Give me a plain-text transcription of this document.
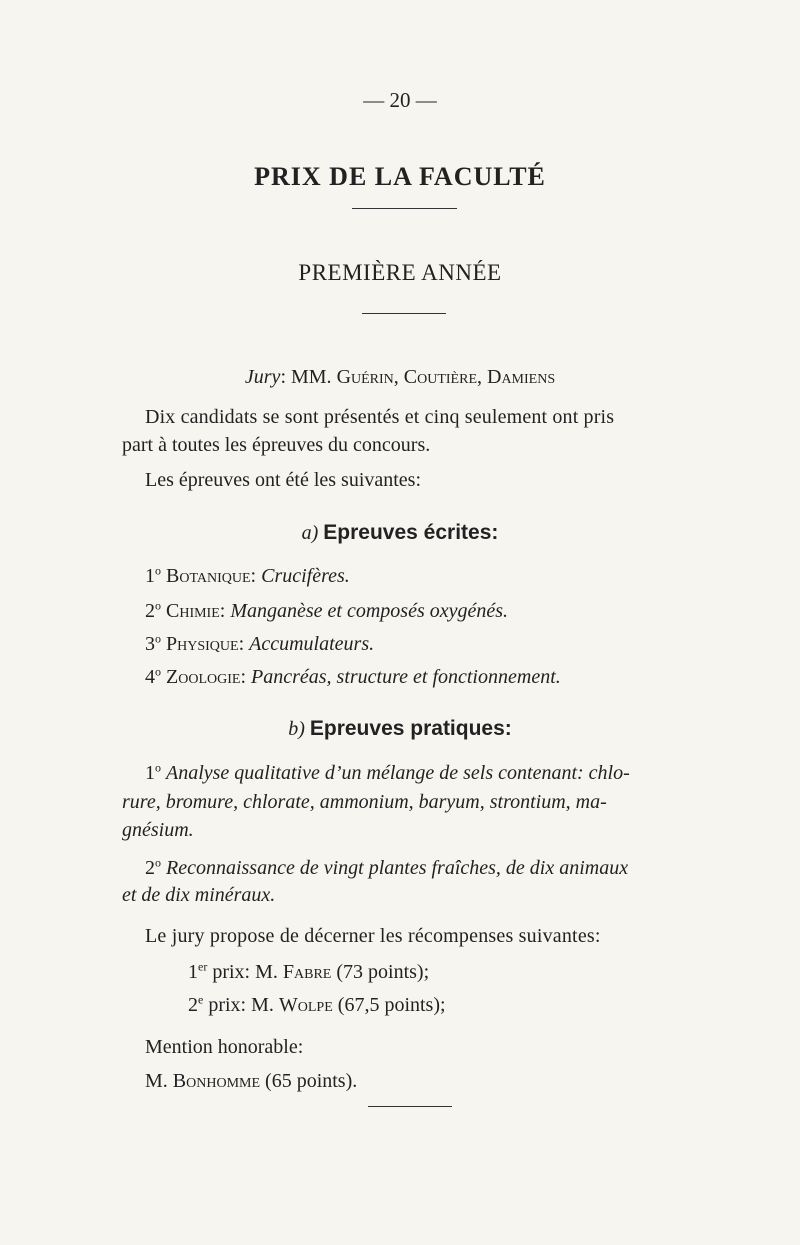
— 20 —
PRIX DE LA FACULTÉ
PREMIÈRE ANNÉE
Jury: MM. Guérin, Coutière, Damiens
Dix candidats se sont présentés et cinq seulement ont pris
part à toutes les épreuves du concours.
Les épreuves ont été les suivantes:
a) Epreuves écrites:
1$^o$ Botanique: Crucifères.
2$^o$ Chimie: Manganèse et composés oxygénés.
3$^o$ Physique: Accumulateurs.
4$^o$ Zoologie: Pancréas, structure et fonctionnement.
b) Epreuves pratiques:
1$^o$ Analyse qualitative d’un mélange de sels contenant: chlo-
rure, bromure, chlorate, ammonium, baryum, strontium, ma-
gnésium.
2$^o$ Reconnaissance de vingt plantes fraîches, de dix animaux
et de dix minéraux.
Le jury propose de décerner les récompenses suivantes:
1er prix: M. Fabre (73 points);
2e prix: M. Wolpe (67,5 points);
Mention honorable:
M. Bonhomme (65 points).
